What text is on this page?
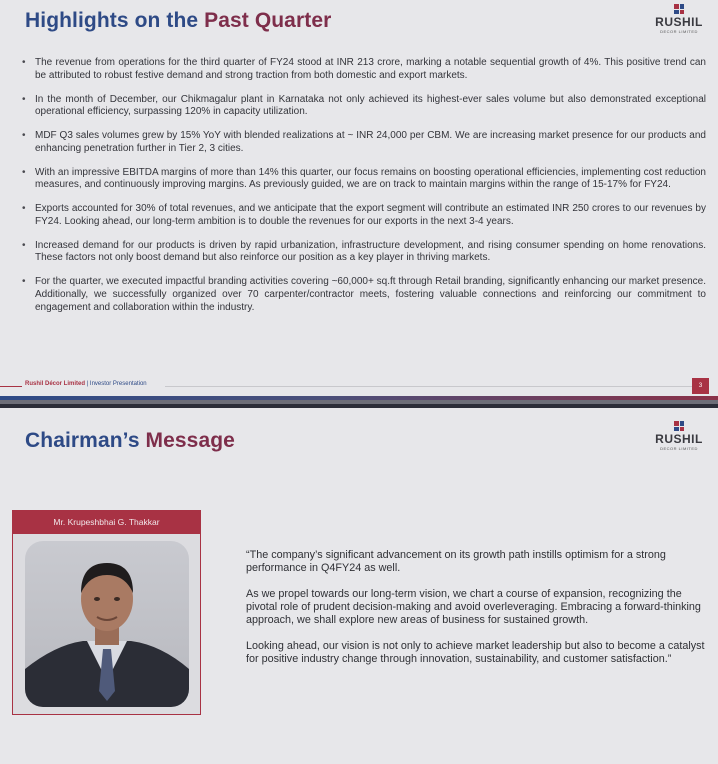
Highlights on the Past Quarter	RUSHIL
DECOR LIMITED
• The revenue from operations for the third quarter of FY24 stood at INR 213 crore, marking a notable sequential growth of 4%. This positive trend can be attributed to robust festive demand and strong traction from both domestic and export markets.
• In the month of December, our Chikmagalur plant in Karnataka not only achieved its highest-ever sales volume but also demonstrated exceptional operational efficiency, surpassing 120% in capacity utilization.
• MDF Q3 sales volumes grew by 15% YoY with blended realizations at ~ INR 24,000 per CBM. We are increasing market presence for our products and enhancing penetration further in Tier 2, 3 cities.
• With an impressive EBITDA margins of more than 14% this quarter, our focus remains on boosting operational efficiencies, implementing cost reduction measures, and continuously improving margins. As previously guided, we are on track to maintain margins within the range of 15-17% for FY24.
• Exports accounted for 30% of total revenues, and we anticipate that the export segment will contribute an estimated INR 250 crores to our revenues by FY24. Looking ahead, our long-term ambition is to double the revenues for our exports in the next 3-4 years.
• Increased demand for our products is driven by rapid urbanization, infrastructure development, and rising consumer spending on home renovations. These factors not only boost demand but also reinforce our position as a key player in thriving markets.
• For the quarter, we executed impactful branding activities covering ~60,000+ sq.ft through Retail branding, significantly enhancing our market presence. Additionally, we successfully organized over 70 carpenter/contractor meets, fostering valuable connections and reinforcing our commitment to engagement and collaboration within the industry.
Rushil Décor Limited | Investor Presentation	3
Chairman’s Message	RUSHIL
DECOR LIMITED
Mr. Krupeshbhai G. Thakkar

“The company’s significant advancement on its growth path instills optimism for a strong performance in Q4FY24 as well.

As we propel towards our long-term vision, we chart a course of expansion, recognizing the pivotal role of prudent decision-making and avoid overleveraging. Embracing a forward-thinking approach, we shall explore new areas of business for sustained growth.

Looking ahead, our vision is not only to achieve market leadership but also to become a catalyst for positive industry change through innovation, sustainability, and customer satisfaction.”
